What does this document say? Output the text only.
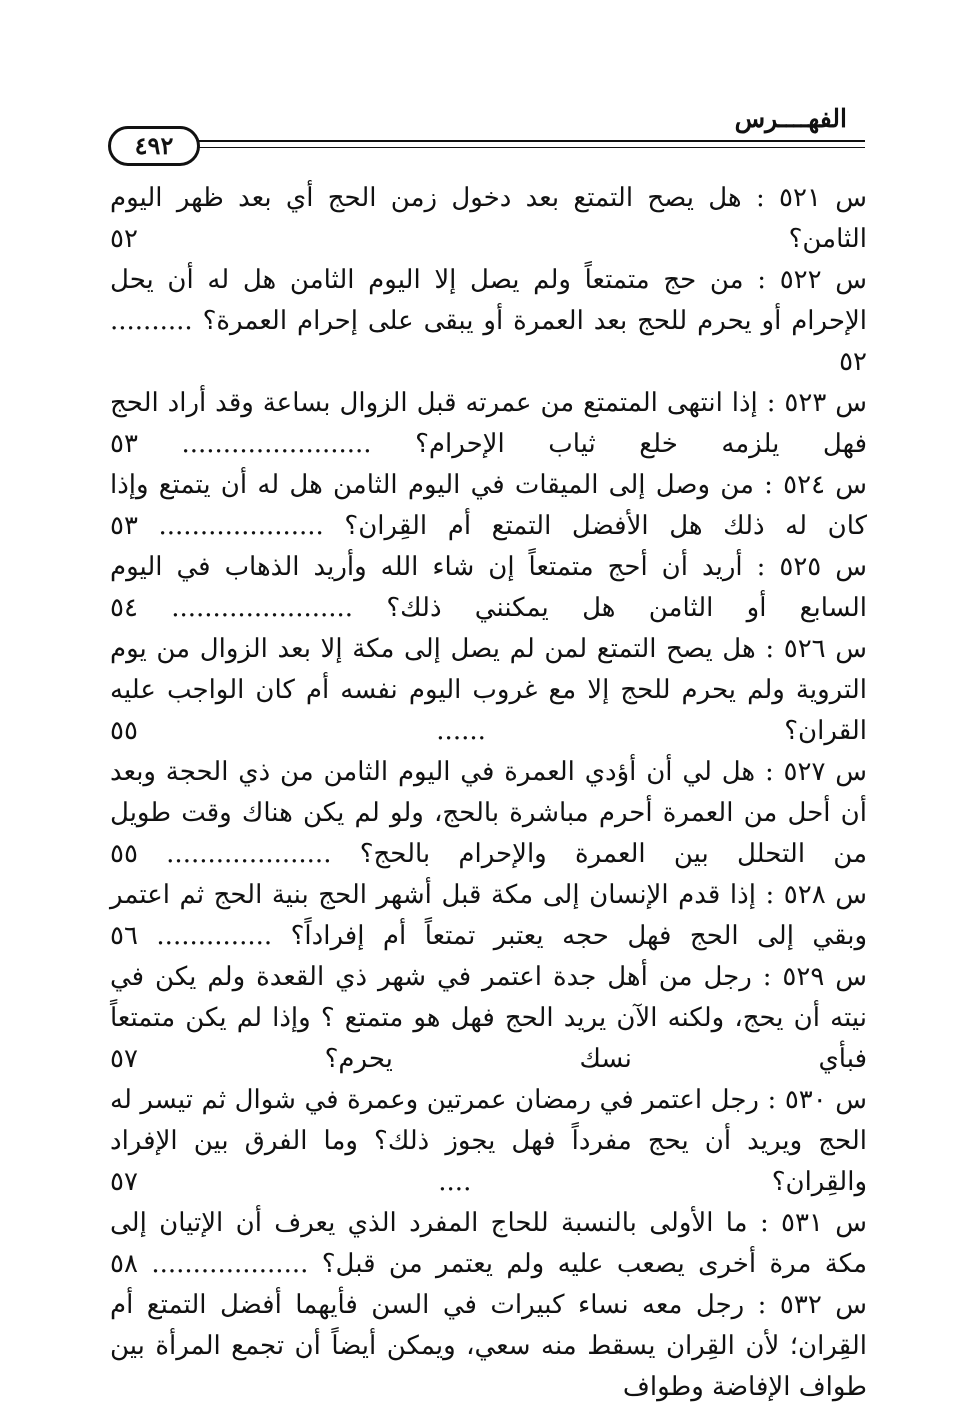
الفهــــرس
٤٩٢

س ٥٢١ : هل يصح التمتع بعد دخول زمن الحج أي بعد ظهر اليوم الثامن؟ ٥٢

س ٥٢٢ : من حج متمتعاً ولم يصل إلا اليوم الثامن هل له أن يحل الإحرام أو يحرم للحج بعد العمرة أو يبقى على إحرام العمرة؟ .......... ٥٢

س ٥٢٣ : إذا انتهى المتمتع من عمرته قبل الزوال بساعة وقد أراد الحج فهل يلزمه خلع ثياب الإحرام؟ ....................... ٥٣

س ٥٢٤ : من وصل إلى الميقات في اليوم الثامن هل له أن يتمتع وإذا كان له ذلك هل الأفضل التمتع أم القِران؟ .................... ٥٣

س ٥٢٥ : أريد أن أحج متمتعاً إن شاء الله وأريد الذهاب في اليوم السابع أو الثامن هل يمكنني ذلك؟ ...................... ٥٤

س ٥٢٦ : هل يصح التمتع لمن لم يصل إلى مكة إلا بعد الزوال من يوم التروية ولم يحرم للحج إلا مع غروب اليوم نفسه أم كان الواجب عليه القران؟ ...... ٥٥

س ٥٢٧ : هل لي أن أؤدي العمرة في اليوم الثامن من ذي الحجة وبعد أن أحل من العمرة أحرم مباشرة بالحج، ولو لم يكن هناك وقت طويل من التحلل بين العمرة والإحرام بالحج؟ .................... ٥٥

س ٥٢٨ : إذا قدم الإنسان إلى مكة قبل أشهر الحج بنية الحج ثم اعتمر وبقي إلى الحج فهل حجه يعتبر تمتعاً أم إفراداً؟ .............. ٥٦

س ٥٢٩ : رجل من أهل جدة اعتمر في شهر ذي القعدة ولم يكن في نيته أن يحج، ولكنه الآن يريد الحج فهل هو متمتع ؟ وإذا لم يكن متمتعاً فبأي نسك يحرم؟ ٥٧

س ٥٣٠ : رجل اعتمر في رمضان عمرتين وعمرة في شوال ثم تيسر له الحج ويريد أن يحج مفرداً فهل يجوز ذلك؟ وما الفرق بين الإفراد والقِران؟ .... ٥٧

س ٥٣١ : ما الأولى بالنسبة للحاج المفرد الذي يعرف أن الإتيان إلى مكة مرة أخرى يصعب عليه ولم يعتمر من قبل؟ ................... ٥٨

س ٥٣٢ : رجل معه نساء كبيرات في السن فأيهما أفضل التمتع أم القِران؛ لأن القِران يسقط منه سعي، ويمكن أيضاً أن تجمع المرأة بين طواف الإفاضة وطواف
